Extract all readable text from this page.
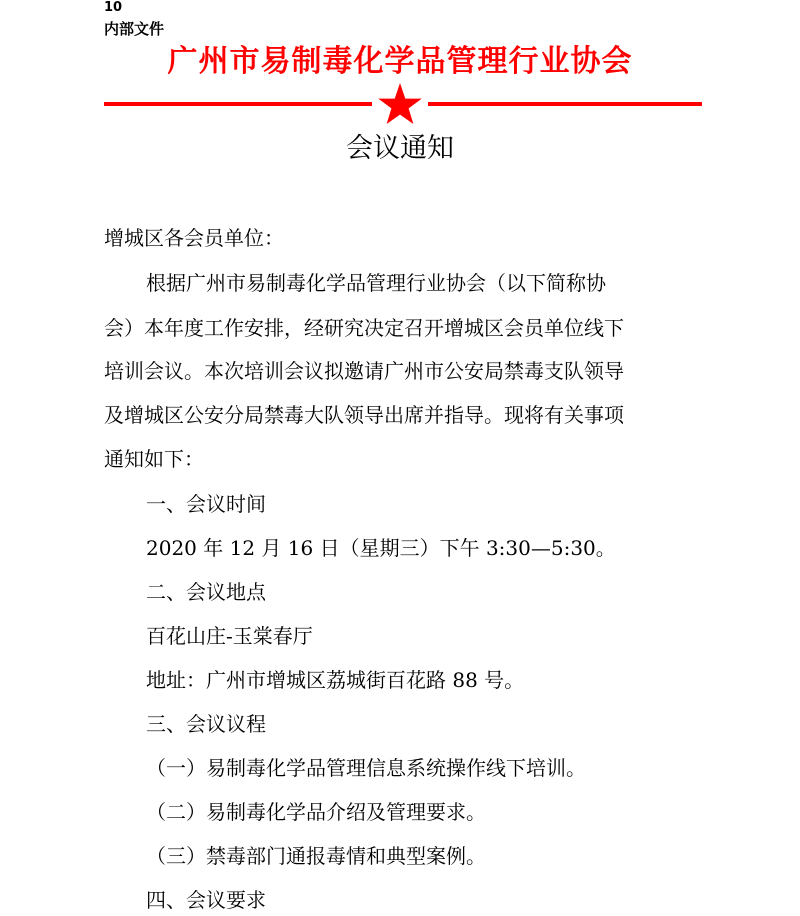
10
内部文件
广州市易制毒化学品管理行业协会
会议通知
增城区各会员单位：
根据广州市易制毒化学品管理行业协会（以下简称协
会）本年度工作安排，经研究决定召开增城区会员单位线下
培训会议。本次培训会议拟邀请广州市公安局禁毒支队领导
及增城区公安分局禁毒大队领导出席并指导。现将有关事项
通知如下：
一、会议时间
2020 年 12 月 16 日（星期三）下午 3:30—5:30。
二、会议地点
百花山庄-玉棠春厅
地址：广州市增城区荔城街百花路 88 号。
三、会议议程
（一）易制毒化学品管理信息系统操作线下培训。
（二）易制毒化学品介绍及管理要求。
（三）禁毒部门通报毒情和典型案例。
四、会议要求
